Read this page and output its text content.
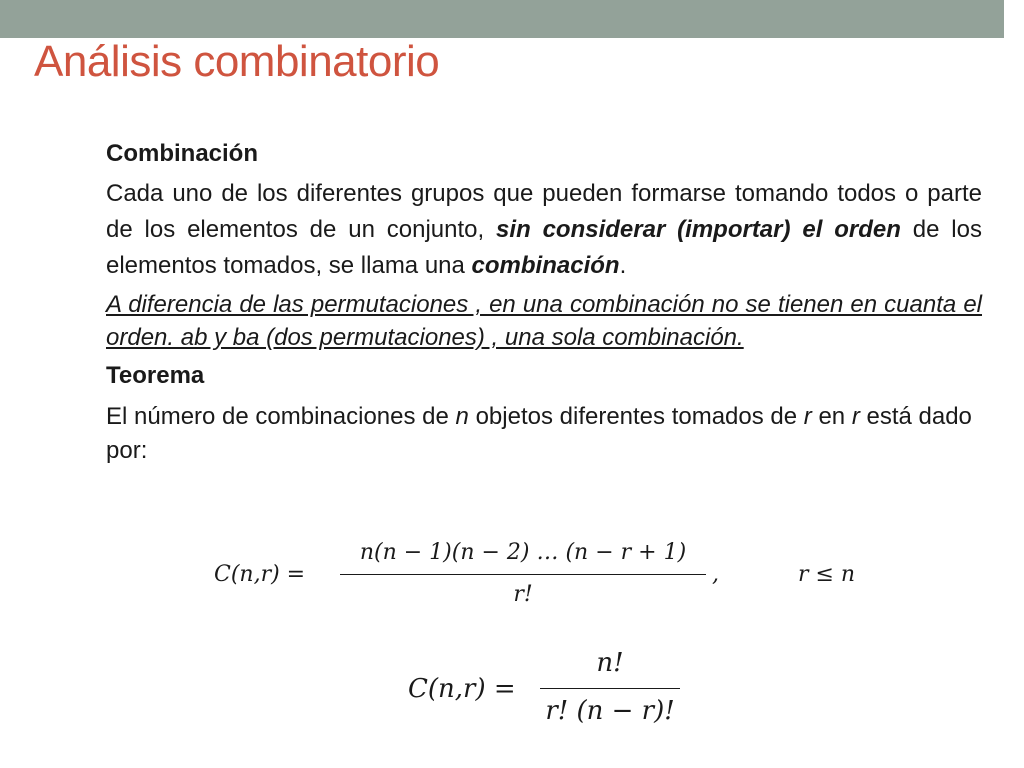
Análisis combinatorio

Combinación

Cada uno de los diferentes grupos que pueden formarse tomando todos o parte de los elementos de un conjunto, sin considerar (importar) el orden de los elementos tomados, se llama una combinación.

A diferencia de las permutaciones , en una combinación no se tienen en cuanta el orden. ab y ba (dos permutaciones) , una sola combinación.

Teorema

El número de combinaciones de n objetos diferentes tomados de r en r está dado por:

C(n,r) =
n(n − 1)(n − 2) … (n − r + 1)
r!
,	r ≤ n
C(n,r) =
n!
r! (n − r)!
